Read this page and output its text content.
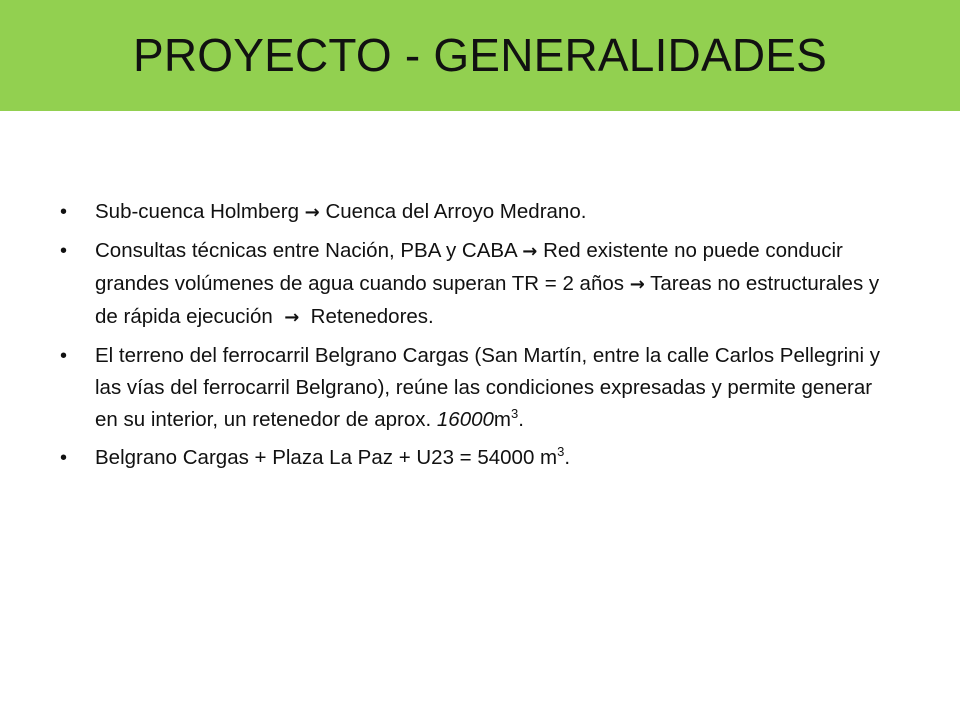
PROYECTO - GENERALIDADES
• Sub-cuenca Holmberg → Cuenca del Arroyo Medrano.
• Consultas técnicas entre Nación, PBA y CABA → Red existente no puede conducir grandes volúmenes de agua cuando superan TR = 2 años → Tareas no estructurales y de rápida ejecución  →  Retenedores.
• El terreno del ferrocarril Belgrano Cargas (San Martín, entre la calle Carlos Pellegrini y las vías del ferrocarril Belgrano), reúne las condiciones expresadas y permite generar en su interior, un retenedor de aprox. $16000m^3$.
• Belgrano Cargas + Plaza La Paz + U23 = 54000 $m^3$.
